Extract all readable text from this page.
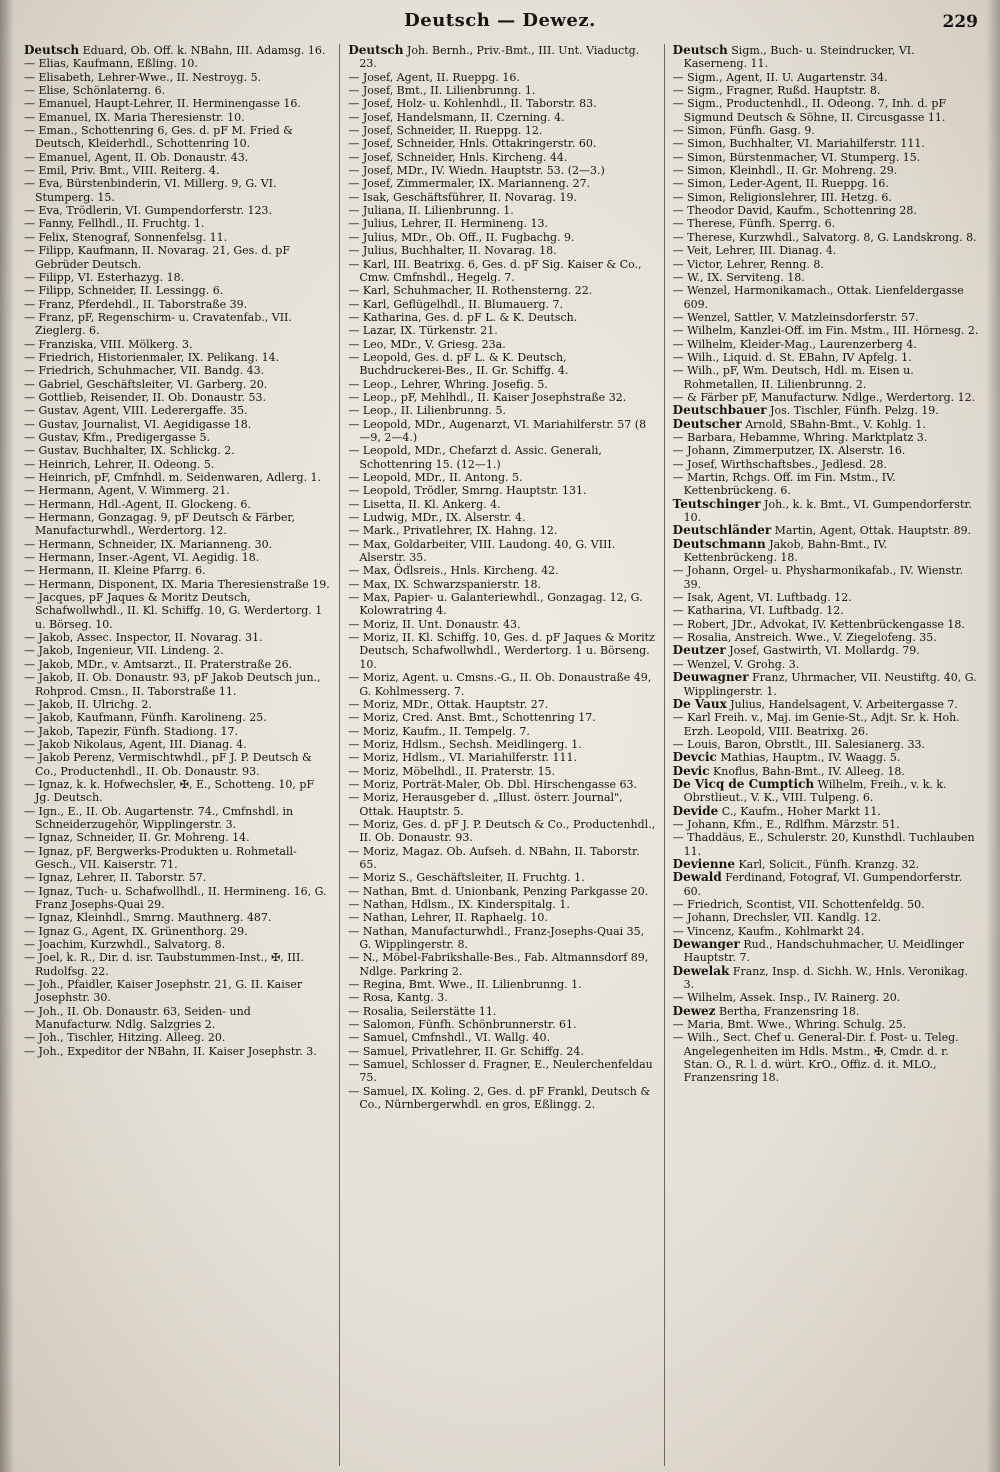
Deutsch — Dewez.	229

Deutsch Eduard, Ob. Off. k. NBahn, III. Adamsg. 16.

— Elias, Kaufmann, Eßling. 10.

— Elisabeth, Lehrer-Wwe., II. Nestroyg. 5.

— Elise, Schönlaterng. 6.

— Emanuel, Haupt-Lehrer, II. Herminengasse 16.

— Emanuel, IX. Maria Theresienstr. 10.

— Eman., Schottenring 6, Ges. d. pF M. Fried & Deutsch, Kleiderhdl., Schottenring 10.

— Emanuel, Agent, II. Ob. Donaustr. 43.

— Emil, Priv. Bmt., VIII. Reiterg. 4.

— Eva, Bürstenbinderin, VI. Millerg. 9, G. VI. Stumperg. 15.

— Eva, Trödlerin, VI. Gumpendorferstr. 123.

— Fanny, Fellhdl., II. Fruchtg. 1.

— Felix, Stenograf, Sonnenfelsg. 11.

— Filipp, Kaufmann, II. Novarag. 21, Ges. d. pF Gebrüder Deutsch.

— Filipp, VI. Esterhazyg. 18.

— Filipp, Schneider, II. Lessingg. 6.

— Franz, Pferdehdl., II. Taborstraße 39.

— Franz, pF, Regenschirm- u. Cravatenfab., VII. Zieglerg. 6.

— Franziska, VIII. Mölkerg. 3.

— Friedrich, Historienmaler, IX. Pelikang. 14.

— Friedrich, Schuhmacher, VII. Bandg. 43.

— Gabriel, Geschäftsleiter, VI. Garberg. 20.

— Gottlieb, Reisender, II. Ob. Donaustr. 53.

— Gustav, Agent, VIII. Lederergaffe. 35.

— Gustav, Journalist, VI. Aegidigasse 18.

— Gustav, Kfm., Predigergasse 5.

— Gustav, Buchhalter, IX. Schlickg. 2.

— Heinrich, Lehrer, II. Odeong. 5.

— Heinrich, pF, Cmfnhdl. m. Seidenwaren, Adlerg. 1.

— Hermann, Agent, V. Wimmerg. 21.

— Hermann, Hdl.-Agent, II. Glockeng. 6.

— Hermann, Gonzagag. 9, pF Deutsch & Färber, Manufacturwhdl., Werdertorg. 12.

— Hermann, Schneider, IX. Marianneng. 30.

— Hermann, Inser.-Agent, VI. Aegidig. 18.

— Hermann, II. Kleine Pfarrg. 6.

— Hermann, Disponent, IX. Maria Theresienstraße 19.

— Jacques, pF Jaques & Moritz Deutsch, Schafwollwhdl., II. Kl. Schiffg. 10, G. Werdertorg. 1 u. Börseg. 10.

— Jakob, Assec. Inspector, II. Novarag. 31.

— Jakob, Ingenieur, VII. Lindeng. 2.

— Jakob, MDr., v. Amtsarzt., II. Praterstraße 26.

— Jakob, II. Ob. Donaustr. 93, pF Jakob Deutsch jun., Rohprod. Cmsn., II. Taborstraße 11.

— Jakob, II. Ulrichg. 2.

— Jakob, Kaufmann, Fünfh. Karolineng. 25.

— Jakob, Tapezir, Fünfh. Stadiong. 17.

— Jakob Nikolaus, Agent, III. Dianag. 4.

— Jakob Perenz, Vermischtwhdl., pF J. P. Deutsch & Co., Productenhdl., II. Ob. Donaustr. 93.

— Ignaz, k. k. Hofwechsler, ✠, E., Schotteng. 10, pF Jg. Deutsch.

— Ign., E., II. Ob. Augartenstr. 74., Cmfnshdl. in Schneiderzugehör, Wipplingerstr. 3.

— Ignaz, Schneider, II. Gr. Mohreng. 14.

— Ignaz, pF, Bergwerks-Produkten u. Rohmetall-Gesch., VII. Kaiserstr. 71.

— Ignaz, Lehrer, II. Taborstr. 57.

— Ignaz, Tuch- u. Schafwollhdl., II. Hermineng. 16, G. Franz Josephs-Quai 29.

— Ignaz, Kleinhdl., Smrng. Mauthnerg. 487.

— Ignaz G., Agent, IX. Grünenthorg. 29.

— Joachim, Kurzwhdl., Salvatorg. 8.

— Joel, k. R., Dir. d. isr. Taubstummen-Inst., ✠, III. Rudolfsg. 22.

— Joh., Pfaidler, Kaiser Josephstr. 21, G. II. Kaiser Josephstr. 30.

— Joh., II. Ob. Donaustr. 63, Seiden- und Manufacturw. Ndlg. Salzgries 2.

— Joh., Tischler, Hitzing. Alleeg. 20.

— Joh., Expeditor der NBahn, II. Kaiser Josephstr. 3.

Deutsch Joh. Bernh., Priv.-Bmt., III. Unt. Viaductg. 23.

— Josef, Agent, II. Rueppg. 16.

— Josef, Bmt., II. Lilienbrunng. 1.

— Josef, Holz- u. Kohlenhdl., II. Taborstr. 83.

— Josef, Handelsmann, II. Czerning. 4.

— Josef, Schneider, II. Rueppg. 12.

— Josef, Schneider, Hnls. Ottakringerstr. 60.

— Josef, Schneider, Hnls. Kircheng. 44.

— Josef, MDr., IV. Wiedn. Hauptstr. 53. (2—3.)

— Josef, Zimmermaler, IX. Marianneng. 27.

— Isak, Geschäftsführer, II. Novarag. 19.

— Juliana, II. Lilienbrunng. 1.

— Julius, Lehrer, II. Hermineng. 13.

— Julius, MDr., Ob. Off., II. Fugbachg. 9.

— Julius, Buchhalter, II. Novarag. 18.

— Karl, III. Beatrixg. 6, Ges. d. pF Sig. Kaiser & Co., Cmw. Cmfnshdl., Hegelg. 7.

— Karl, Schuhmacher, II. Rothensterng. 22.

— Karl, Geflügelhdl., II. Blumauerg. 7.

— Katharina, Ges. d. pF L. & K. Deutsch.

— Lazar, IX. Türkenstr. 21.

— Leo, MDr., V. Griesg. 23a.

— Leopold, Ges. d. pF L. & K. Deutsch, Buchdruckerei-Bes., II. Gr. Schiffg. 4.

— Leop., Lehrer, Whring. Josefig. 5.

— Leop., pF, Mehlhdl., II. Kaiser Josephstraße 32.

— Leop., II. Lilienbrunng. 5.

— Leopold, MDr., Augenarzt, VI. Mariahilferstr. 57 (8—9, 2—4.)

— Leopold, MDr., Chefarzt d. Assic. Generali, Schottenring 15. (12—1.)

— Leopold, MDr., II. Antong. 5.

— Leopold, Trödler, Smrng. Hauptstr. 131.

— Lisetta, II. Kl. Ankerg. 4.

— Ludwig, MDr., IX. Alserstr. 4.

— Mark., Privatlehrer, IX. Hahng. 12.

— Max, Goldarbeiter, VIII. Laudong. 40, G. VIII. Alserstr. 35.

— Max, Ödlsreis., Hnls. Kircheng. 42.

— Max, IX. Schwarzspanierstr. 18.

— Max, Papier- u. Galanteriewhdl., Gonzagag. 12, G. Kolowratring 4.

— Moriz, II. Unt. Donaustr. 43.

— Moriz, II. Kl. Schiffg. 10, Ges. d. pF Jaques & Moritz Deutsch, Schafwollwhdl., Werdertorg. 1 u. Börseng. 10.

— Moriz, Agent. u. Cmsns.-G., II. Ob. Donaustraße 49, G. Kohlmesserg. 7.

— Moriz, MDr., Ottak. Hauptstr. 27.

— Moriz, Cred. Anst. Bmt., Schottenring 17.

— Moriz, Kaufm., II. Tempelg. 7.

— Moriz, Hdlsm., Sechsh. Meidlingerg. 1.

— Moriz, Hdlsm., VI. Mariahilferstr. 111.

— Moriz, Möbelhdl., II. Praterstr. 15.

— Moriz, Porträt-Maler, Ob. Dbl. Hirschengasse 63.

— Moriz, Herausgeber d. „Illust. österr. Journal", Ottak. Hauptstr. 5.

— Moriz, Ges. d. pF J. P. Deutsch & Co., Productenhdl., II. Ob. Donaustr. 93.

— Moriz, Magaz. Ob. Aufseh. d. NBahn, II. Taborstr. 65.

— Moriz S., Geschäftsleiter, II. Fruchtg. 1.

— Nathan, Bmt. d. Unionbank, Penzing Parkgasse 20.

— Nathan, Hdlsm., IX. Kinderspitalg. 1.

— Nathan, Lehrer, II. Raphaelg. 10.

— Nathan, Manufacturwhdl., Franz-Josephs-Quai 35, G. Wipplingerstr. 8.

— N., Möbel-Fabrikshalle-Bes., Fab. Altmannsdorf 89, Ndlge. Parkring 2.

— Regina, Bmt. Wwe., II. Lilienbrunng. 1.

— Rosa, Kantg. 3.

— Rosalia, Seilerstätte 11.

— Salomon, Fünfh. Schönbrunnerstr. 61.

— Samuel, Cmfnshdl., VI. Wallg. 40.

— Samuel, Privatlehrer, II. Gr. Schiffg. 24.

— Samuel, Schlosser d. Fragner, E., Neulerchenfeldau 75.

— Samuel, IX. Koling. 2, Ges. d. pF Frankl, Deutsch & Co., Nürnbergerwhdl. en gros, Eßlingg. 2.

Deutsch Sigm., Buch- u. Steindrucker, VI. Kaserneng. 11.

— Sigm., Agent, II. U. Augartenstr. 34.

— Sigm., Fragner, Rußd. Hauptstr. 8.

— Sigm., Productenhdl., II. Odeong. 7, Inh. d. pF Sigmund Deutsch & Söhne, II. Circusgasse 11.

— Simon, Fünfh. Gasg. 9.

— Simon, Buchhalter, VI. Mariahilferstr. 111.

— Simon, Bürstenmacher, VI. Stumperg. 15.

— Simon, Kleinhdl., II. Gr. Mohreng. 29.

— Simon, Leder-Agent, II. Rueppg. 16.

— Simon, Religionslehrer, III. Hetzg. 6.

— Theodor David, Kaufm., Schottenring 28.

— Therese, Fünfh. Sperrg. 6.

— Therese, Kurzwhdl., Salvatorg. 8, G. Landskrong. 8.

— Veit, Lehrer, III. Dianag. 4.

— Victor, Lehrer, Renng. 8.

— W., IX. Serviteng. 18.

— Wenzel, Harmonikamach., Ottak. Lienfeldergasse 609.

— Wenzel, Sattler, V. Matzleinsdorferstr. 57.

— Wilhelm, Kanzlei-Off. im Fin. Mstm., III. Hörnesg. 2.

— Wilhelm, Kleider-Mag., Laurenzerberg 4.

— Wilh., Liquid. d. St. EBahn, IV Apfelg. 1.

— Wilh., pF, Wm. Deutsch, Hdl. m. Eisen u. Rohmetallen, II. Lilienbrunng. 2.

— & Färber pF, Manufacturw. Ndlge., Werdertorg. 12.

Deutschbauer Jos. Tischler, Fünfh. Pelzg. 19.

Deutscher Arnold, SBahn-Bmt., V. Kohlg. 1.

— Barbara, Hebamme, Whring. Marktplatz 3.

— Johann, Zimmerputzer, IX. Alserstr. 16.

— Josef, Wirthschaftsbes., Jedlesd. 28.

— Martin, Rchgs. Off. im Fin. Mstm., IV. Kettenbrückeng. 6.

Teutschinger Joh., k. k. Bmt., VI. Gumpendorferstr. 10.

Deutschländer Martin, Agent, Ottak. Hauptstr. 89.

Deutschmann Jakob, Bahn-Bmt., IV. Kettenbrückeng. 18.

— Johann, Orgel- u. Physharmonikafab., IV. Wienstr. 39.

— Isak, Agent, VI. Luftbadg. 12.

— Katharina, VI. Luftbadg. 12.

— Robert, JDr., Advokat, IV. Kettenbrückengasse 18.

— Rosalia, Anstreich. Wwe., V. Ziegelofeng. 35.

Deutzer Josef, Gastwirth, VI. Mollardg. 79.

— Wenzel, V. Grohg. 3.

Deuwagner Franz, Uhrmacher, VII. Neustiftg. 40, G. Wipplingerstr. 1.

De Vaux Julius, Handelsagent, V. Arbeitergasse 7.

— Karl Freih. v., Maj. im Genie-St., Adjt. Sr. k. Hoh. Erzh. Leopold, VIII. Beatrixg. 26.

— Louis, Baron, Obrstlt., III. Salesianerg. 33.

Devcic Mathias, Hauptm., IV. Waagg. 5.

Devic Knoflus, Bahn-Bmt., IV. Alleeg. 18.

De Vicq de Cumptich Wilhelm, Freih., v. k. k. Obrstlieut., V. K., VIII. Tulpeng. 6.

Devide C., Kaufm., Hoher Markt 11.

— Johann, Kfm., E., Rdlfhm. Märzstr. 51.

— Thaddäus, E., Schulerstr. 20, Kunsthdl. Tuchlauben 11.

Devienne Karl, Solicit., Fünfh. Kranzg. 32.

Dewald Ferdinand, Fotograf, VI. Gumpendorferstr. 60.

— Friedrich, Scontist, VII. Schottenfeldg. 50.

— Johann, Drechsler, VII. Kandlg. 12.

— Vincenz, Kaufm., Kohlmarkt 24.

Dewanger Rud., Handschuhmacher, U. Meidlinger Hauptstr. 7.

Dewelak Franz, Insp. d. Sichh. W., Hnls. Veronikag. 3.

— Wilhelm, Assek. Insp., IV. Rainerg. 20.

Dewez Bertha, Franzensring 18.

— Maria, Bmt. Wwe., Whring. Schulg. 25.

— Wilh., Sect. Chef u. General-Dir. f. Post- u. Teleg. Angelegenheiten im Hdls. Mstm., ✠, Cmdr. d. r. Stan. O., R. l. d. würt. KrO., Offiz. d. it. MLO., Franzensring 18.
